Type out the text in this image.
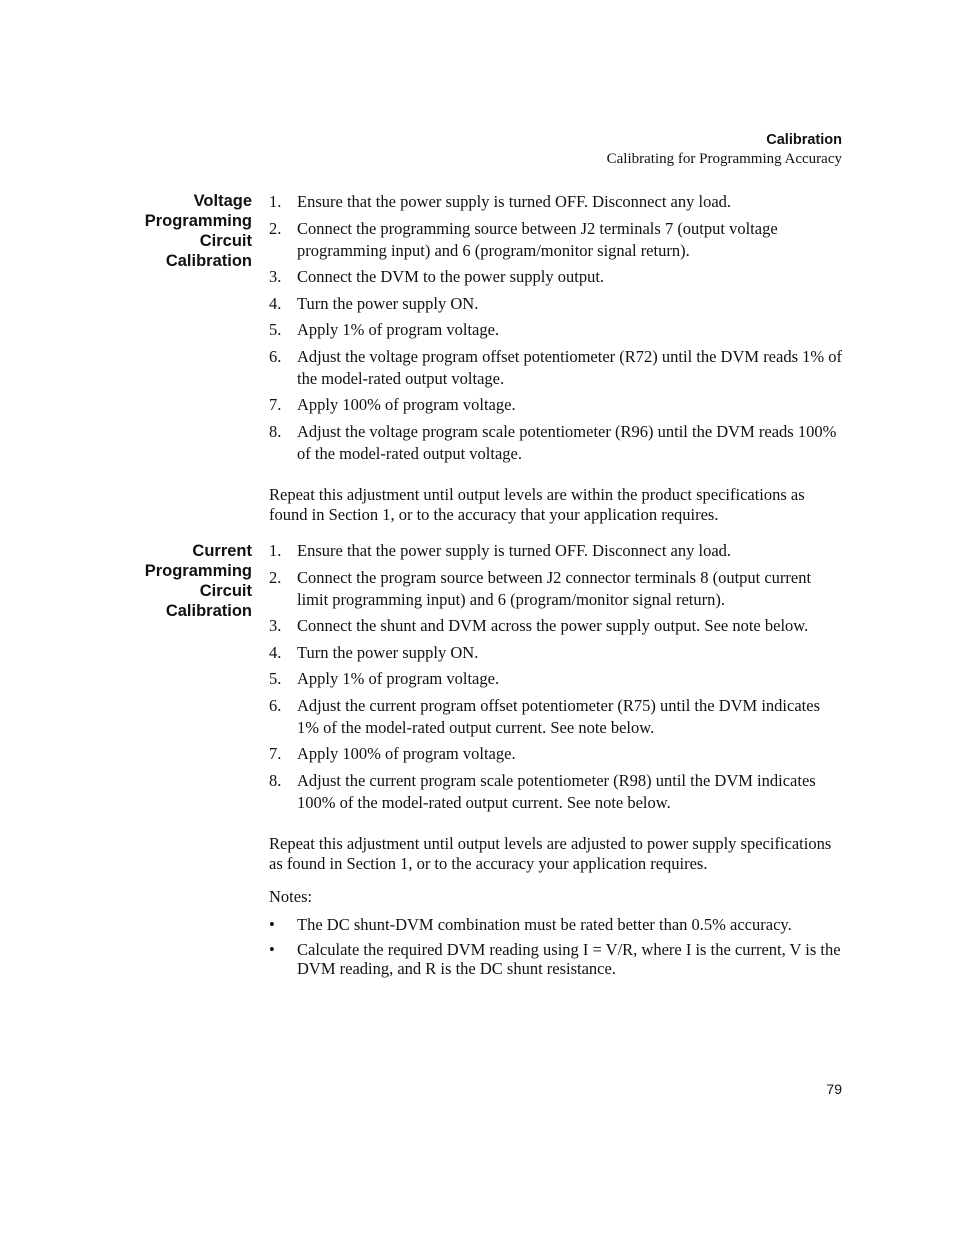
Calibration
Calibrating for Programming Accuracy
Voltage
Programming
Circuit
Calibration
1. Ensure that the power supply is turned OFF. Disconnect any load.
2. Connect the programming source between J2 terminals 7 (output voltage programming input) and 6 (program/monitor signal return).
3. Connect the DVM to the power supply output.
4. Turn the power supply ON.
5. Apply 1% of program voltage.
6. Adjust the voltage program offset potentiometer (R72) until the DVM reads 1% of the model-rated output voltage.
7. Apply 100% of program voltage.
8. Adjust the voltage program scale potentiometer (R96) until the DVM reads 100% of the model-rated output voltage.

Repeat this adjustment until output levels are within the product specifications as found in Section 1, or to the accuracy that your application requires.

Current
Programming
Circuit
Calibration
1. Ensure that the power supply is turned OFF. Disconnect any load.
2. Connect the program source between J2 connector terminals 8 (output current limit programming input) and 6 (program/monitor signal return).
3. Connect the shunt and DVM across the power supply output. See note below.
4. Turn the power supply ON.
5. Apply 1% of program voltage.
6. Adjust the current program offset potentiometer (R75) until the DVM indicates 1% of the model-rated output current. See note below.
7. Apply 100% of program voltage.
8. Adjust the current program scale potentiometer (R98) until the DVM indicates 100% of the model-rated output current. See note below.

Repeat this adjustment until output levels are adjusted to power supply specifications as found in Section 1, or to the accuracy your application requires.

Notes:

• The DC shunt-DVM combination must be rated better than 0.5% accuracy.
• Calculate the required DVM reading using I = V/R, where I is the current, V is the DVM reading, and R is the DC shunt resistance.
79
